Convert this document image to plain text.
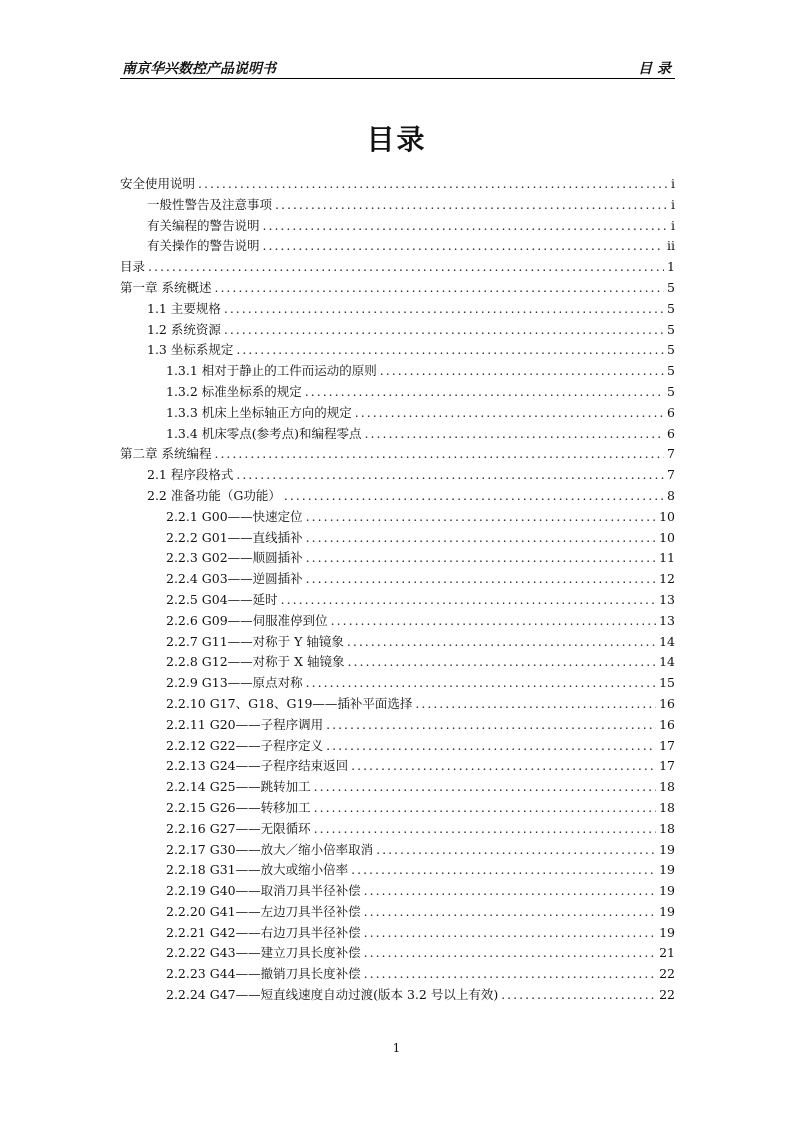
南京华兴数控产品说明书	目 录
目录
安全使用说明 .....	i
一般性警告及注意事项 .....	i
有关编程的警告说明 .....	i
有关操作的警告说明 .....	ii
目录 .....	1
第一章 系统概述 .....	5
1.1 主要规格 .....	5
1.2 系统资源 .....	5
1.3 坐标系规定 .....	5
1.3.1 相对于静止的工件而运动的原则 .....	5
1.3.2 标准坐标系的规定 .....	5
1.3.3 机床上坐标轴正方向的规定 .....	6
1.3.4 机床零点(参考点)和编程零点 .....	6
第二章 系统编程 .....	7
2.1 程序段格式 .....	7
2.2 准备功能（G功能） .....	8
2.2.1 G00——快速定位 .....	10
2.2.2 G01——直线插补 .....	10
2.2.3 G02——顺圆插补 .....	11
2.2.4 G03——逆圆插补 .....	12
2.2.5 G04——延时 .....	13
2.2.6 G09——伺服准停到位 .....	13
2.2.7 G11——对称于 Y 轴镜象 .....	14
2.2.8 G12——对称于 X 轴镜象 .....	14
2.2.9 G13——原点对称 .....	15
2.2.10 G17、G18、G19——插补平面选择 .....	16
2.2.11 G20——子程序调用 .....	16
2.2.12 G22——子程序定义 .....	17
2.2.13 G24——子程序结束返回 .....	17
2.2.14 G25——跳转加工 .....	18
2.2.15 G26——转移加工 .....	18
2.2.16 G27——无限循环 .....	18
2.2.17 G30——放大／缩小倍率取消 .....	19
2.2.18 G31——放大或缩小倍率 .....	19
2.2.19 G40——取消刀具半径补偿 .....	19
2.2.20 G41——左边刀具半径补偿 .....	19
2.2.21 G42——右边刀具半径补偿 .....	19
2.2.22 G43——建立刀具长度补偿 .....	21
2.2.23 G44——撤销刀具长度补偿 .....	22
2.2.24 G47——短直线速度自动过渡(版本 3.2 号以上有效) .....	22
1
